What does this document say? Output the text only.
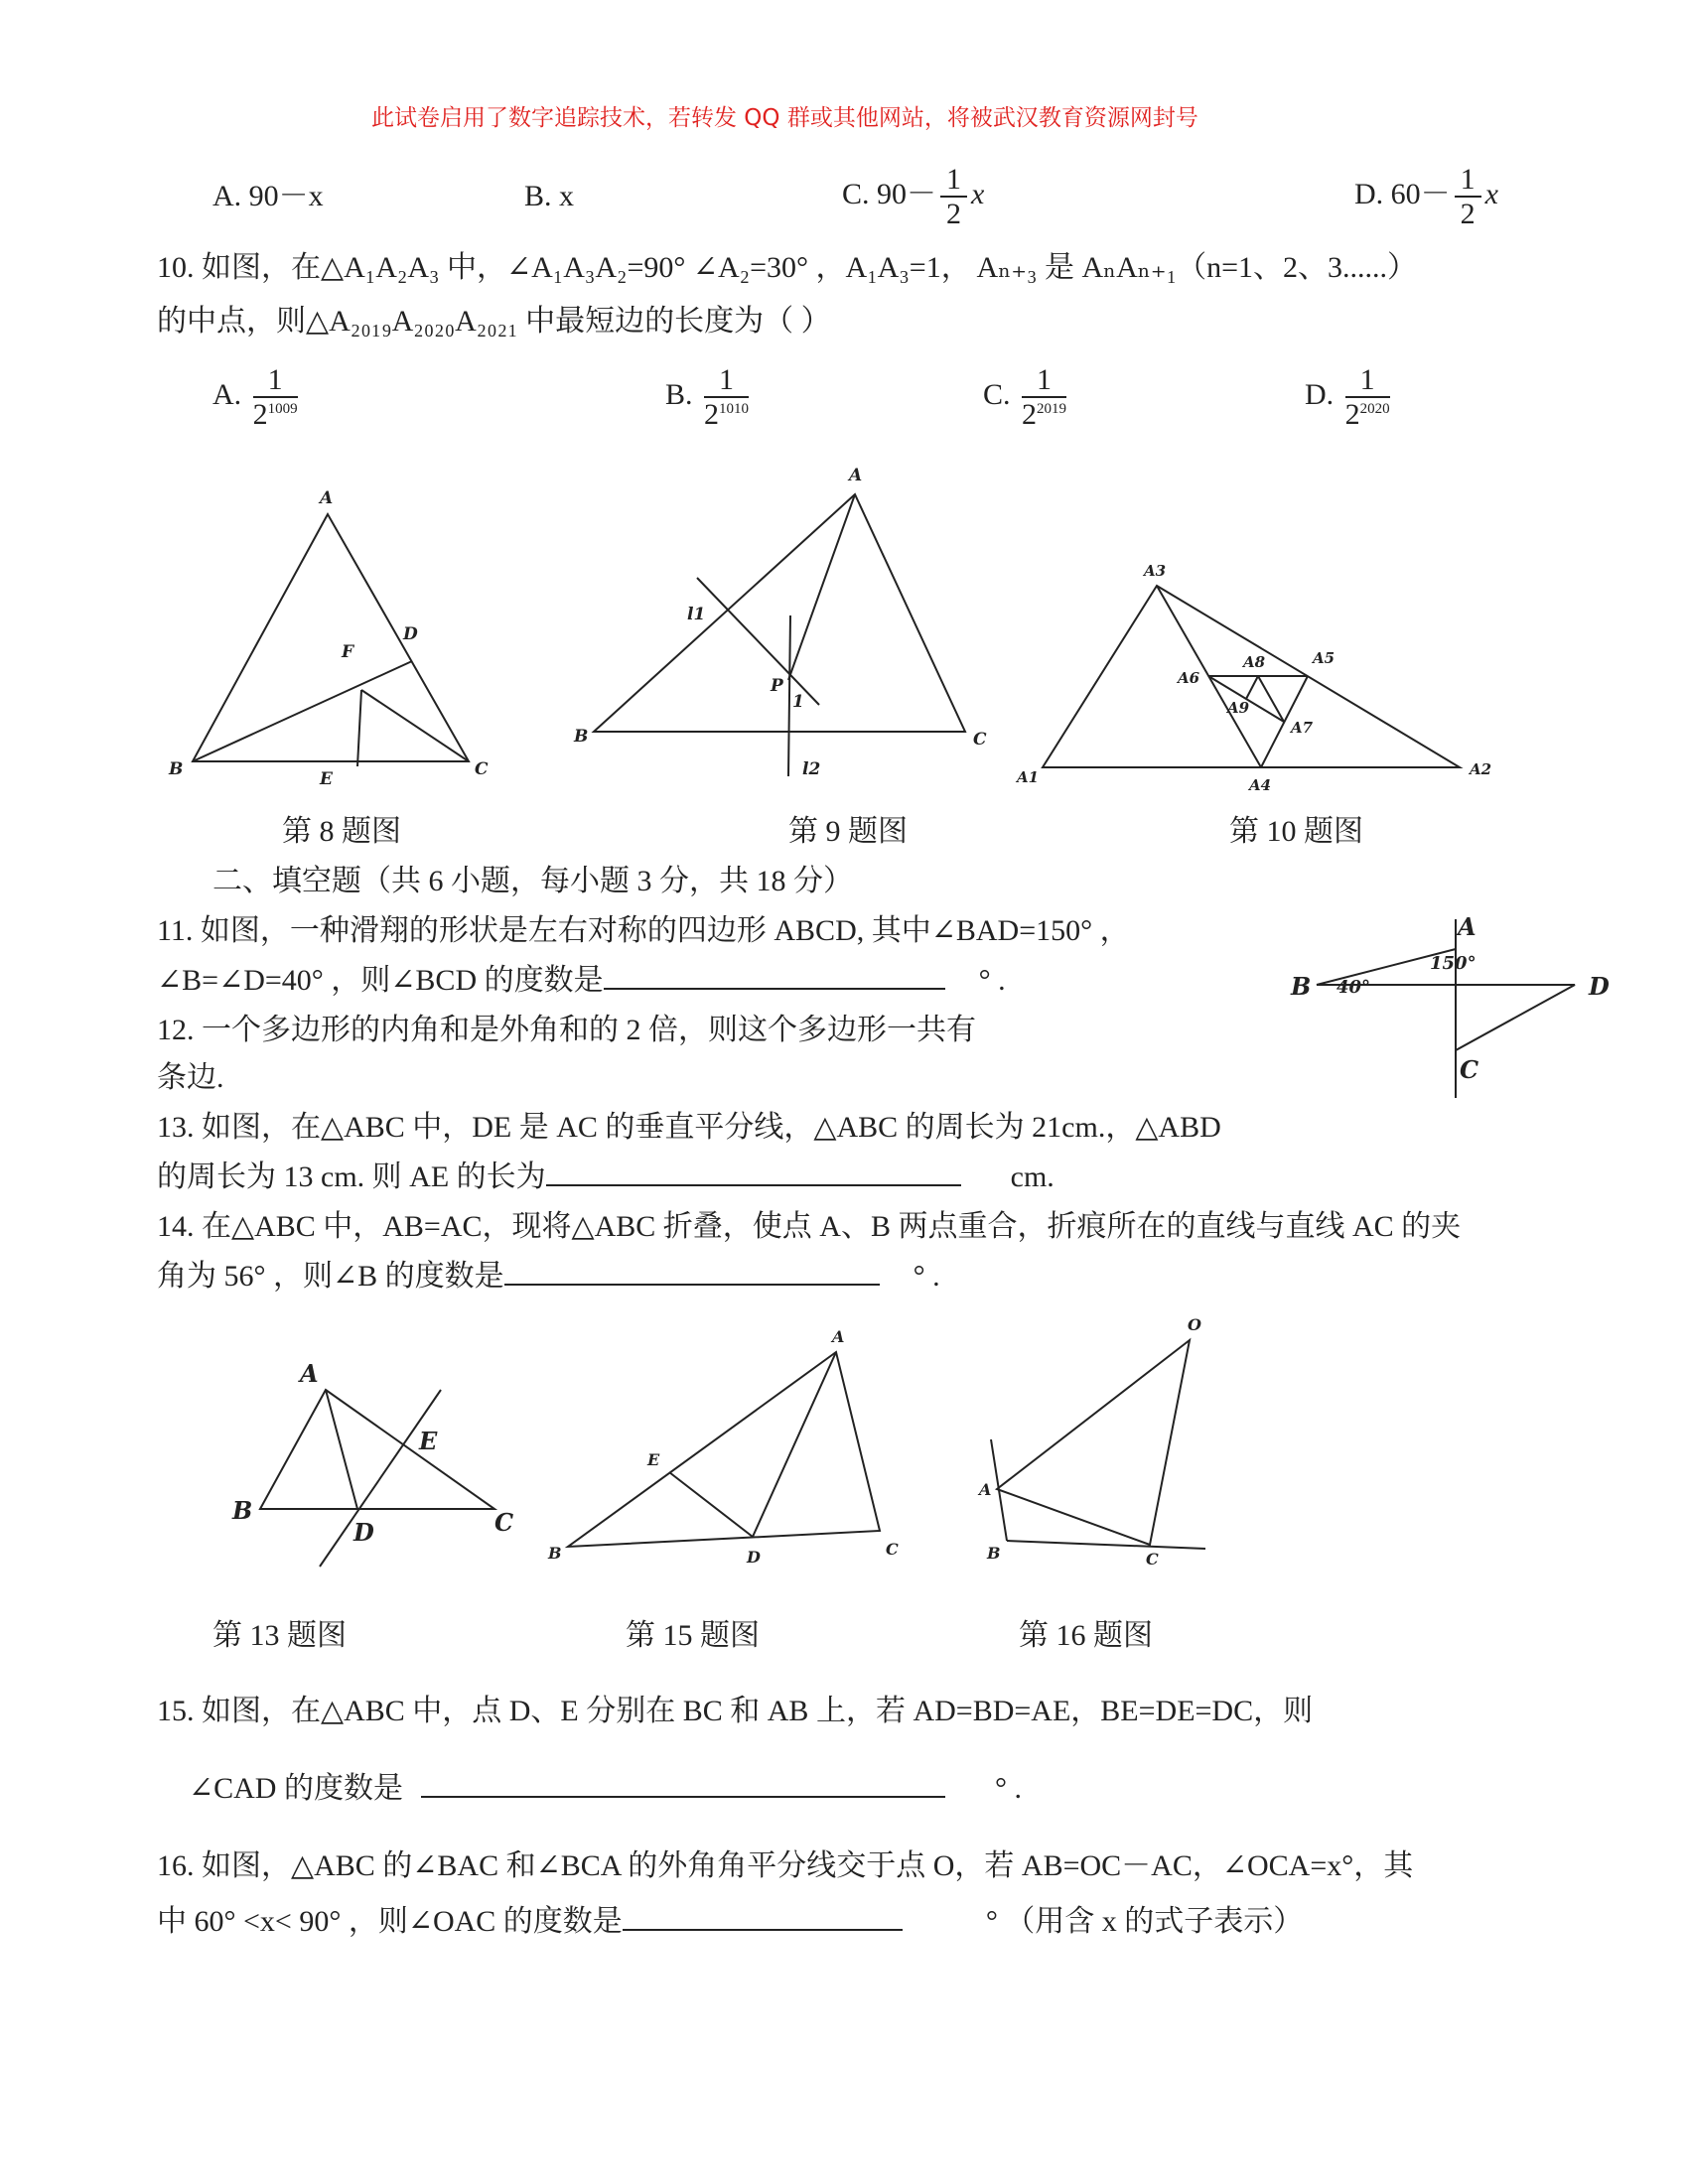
此试卷启用了数字追踪技术，若转发 QQ 群或其他网站，将被武汉教育资源网封号
A. 90－x	B. x	C. $90- \frac{1}{2}$ x	D. $60- \frac{1}{2}$ x
10. 如图，在△A₁A₂A₃ 中，∠A₁A₃A₂=90° ∠A₂=30° ，A₁A₃=1， Aₙ₊₃ 是 AₙAₙ₊₁（n=1、2、3......）
的中点，则△A₂₀₁₉A₂₀₂₀A₂₀₂₁ 中最短边的长度为（ ）
A. $\frac{1}{2^{1009}}$	B. $\frac{1}{2^{1010}}$	C. $\frac{1}{2^{2019}}$	D. $\frac{1}{2^{2020}}$
A
B	C
D
E
F
A
B	C
P
l1
l2
1
A3
A1	A2
A4
A5
A6
A7
A8
A9
第 8 题图	第 9 题图	第 10 题图
二、填空题（共 6 小题，每小题 3 分，共 18 分）
11. 如图，一种滑翔的形状是左右对称的四边形 ABCD, 其中∠BAD=150° ，
∠B=∠D=40° ，则∠BCD 的度数是	° .
A
B
C
D
40°
150°
12. 一个多边形的内角和是外角和的 2 倍，则这个多边形一共有
条边.
13. 如图，在△ABC 中，DE 是 AC 的垂直平分线，△ABC 的周长为 21cm.，△ABD
的周长为 13 cm. 则 AE 的长为	cm.
14. 在△ABC 中，AB=AC，现将△ABC 折叠，使点 A、B 两点重合，折痕所在的直线与直线 AC 的夹
角为 56° ，则∠B 的度数是	° .
A
B	C
D
E
A
B	C
D
E
O
A
B	C
第 13 题图	第 15 题图	第 16 题图
15. 如图，在△ABC 中，点 D、E 分别在 BC 和 AB 上，若 AD=BD=AE，BE=DE=DC，则
∠CAD 的度数是	° .
16. 如图，△ABC 的∠BAC 和∠BCA 的外角角平分线交于点 O，若 AB=OC－AC，∠OCA=x°，其
中 60° <x< 90° ，则∠OAC 的度数是	° （用含 x 的式子表示）
